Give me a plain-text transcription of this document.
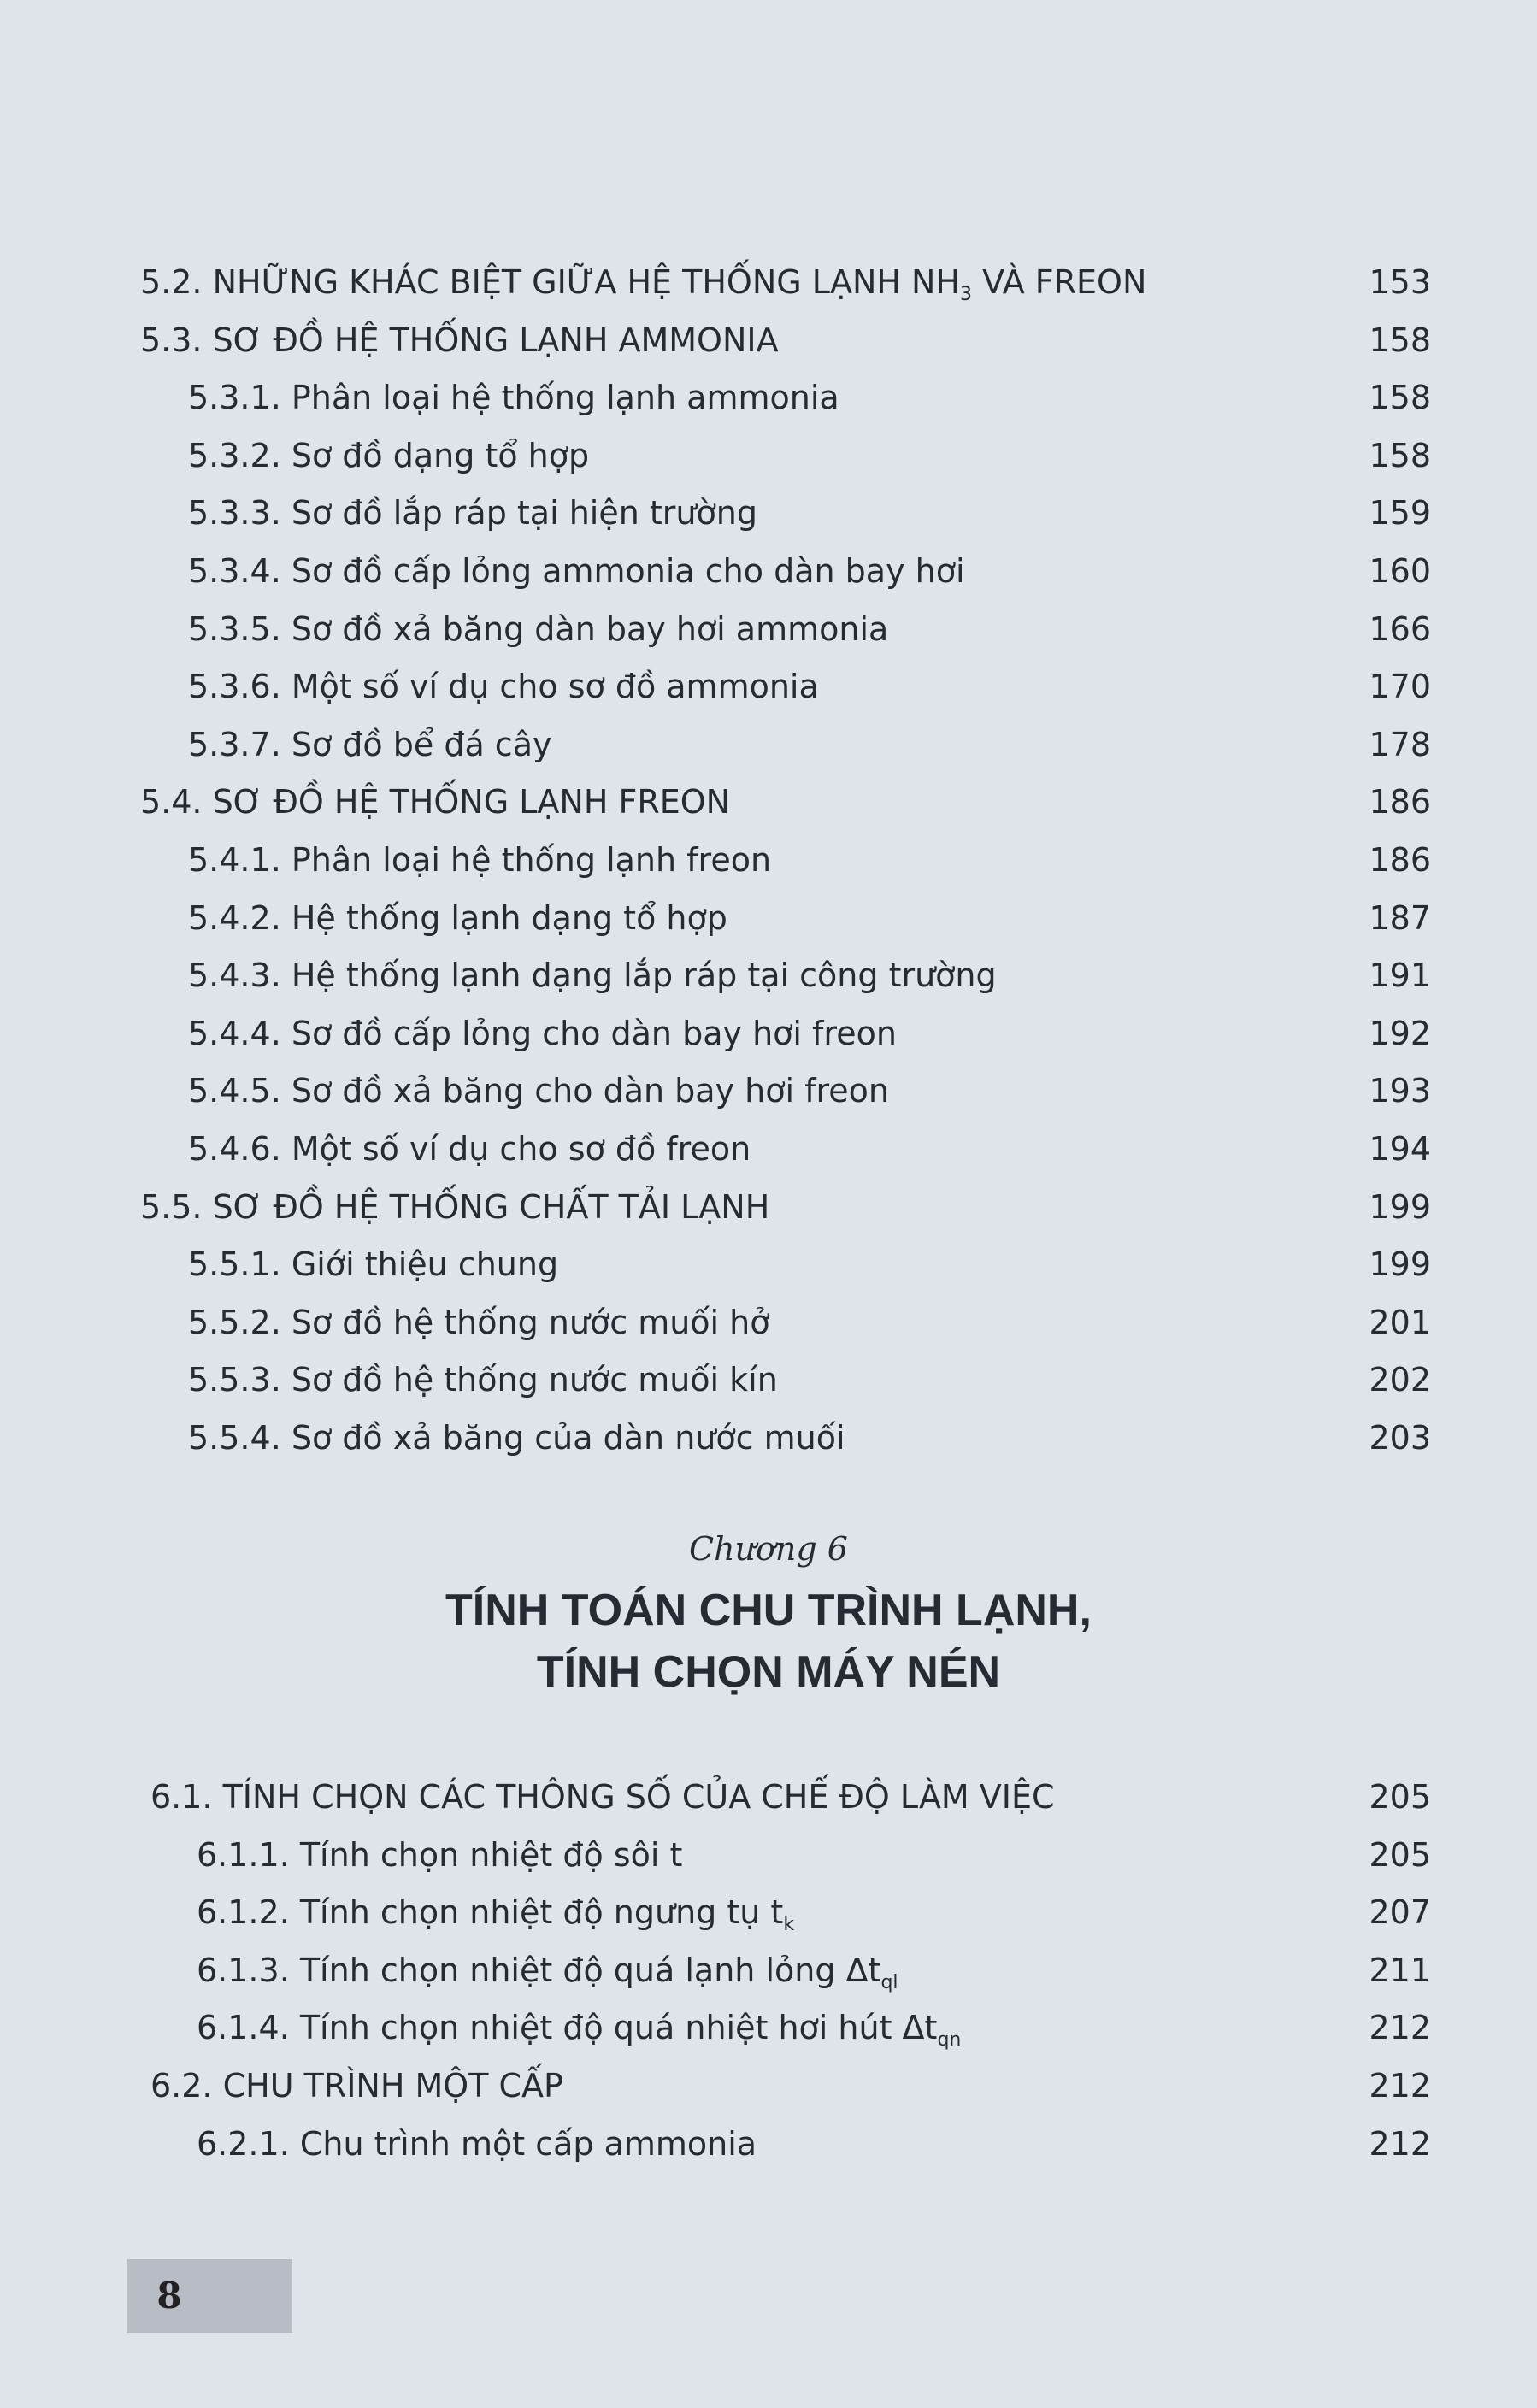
5.2. NHỮNG KHÁC BIỆT GIỮA HỆ THỐNG LẠNH $NH_3$ VÀ FREON	153
5.3. SƠ ĐỒ HỆ THỐNG LẠNH AMMONIA	158
5.3.1. Phân loại hệ thống lạnh ammonia	158
5.3.2. Sơ đồ dạng tổ hợp	158
5.3.3. Sơ đồ lắp ráp tại hiện trường	159
5.3.4. Sơ đồ cấp lỏng ammonia cho dàn bay hơi	160
5.3.5. Sơ đồ xả băng dàn bay hơi ammonia	166
5.3.6. Một số ví dụ cho sơ đồ ammonia	170
5.3.7. Sơ đồ bể đá cây	178
5.4. SƠ ĐỒ HỆ THỐNG LẠNH FREON	186
5.4.1. Phân loại hệ thống lạnh freon	186
5.4.2. Hệ thống lạnh dạng tổ hợp	187
5.4.3. Hệ thống lạnh dạng lắp ráp tại công trường	191
5.4.4. Sơ đồ cấp lỏng cho dàn bay hơi freon	192
5.4.5. Sơ đồ xả băng cho dàn bay hơi freon	193
5.4.6. Một số ví dụ cho sơ đồ freon	194
5.5. SƠ ĐỒ HỆ THỐNG CHẤT TẢI LẠNH	199
5.5.1. Giới thiệu chung	199
5.5.2. Sơ đồ hệ thống nước muối hở	201
5.5.3. Sơ đồ hệ thống nước muối kín	202
5.5.4. Sơ đồ xả băng của dàn nước muối	203
6.1. TÍNH CHỌN CÁC THÔNG SỐ CỦA CHẾ ĐỘ LÀM VIỆC	205
6.1.1. Tính chọn nhiệt độ sôi t	205
6.1.2. Tính chọn nhiệt độ ngưng tụ $t_k$	207
6.1.3. Tính chọn nhiệt độ quá lạnh lỏng $\Delta t_{ql}$	211
6.1.4. Tính chọn nhiệt độ quá nhiệt hơi hút $\Delta t_{qn}$	212
6.2. CHU TRÌNH MỘT CẤP	212
6.2.1. Chu trình một cấp ammonia	212
Chương 6
TÍNH TOÁN CHU TRÌNH LẠNH,
TÍNH CHỌN MÁY NÉN
8
